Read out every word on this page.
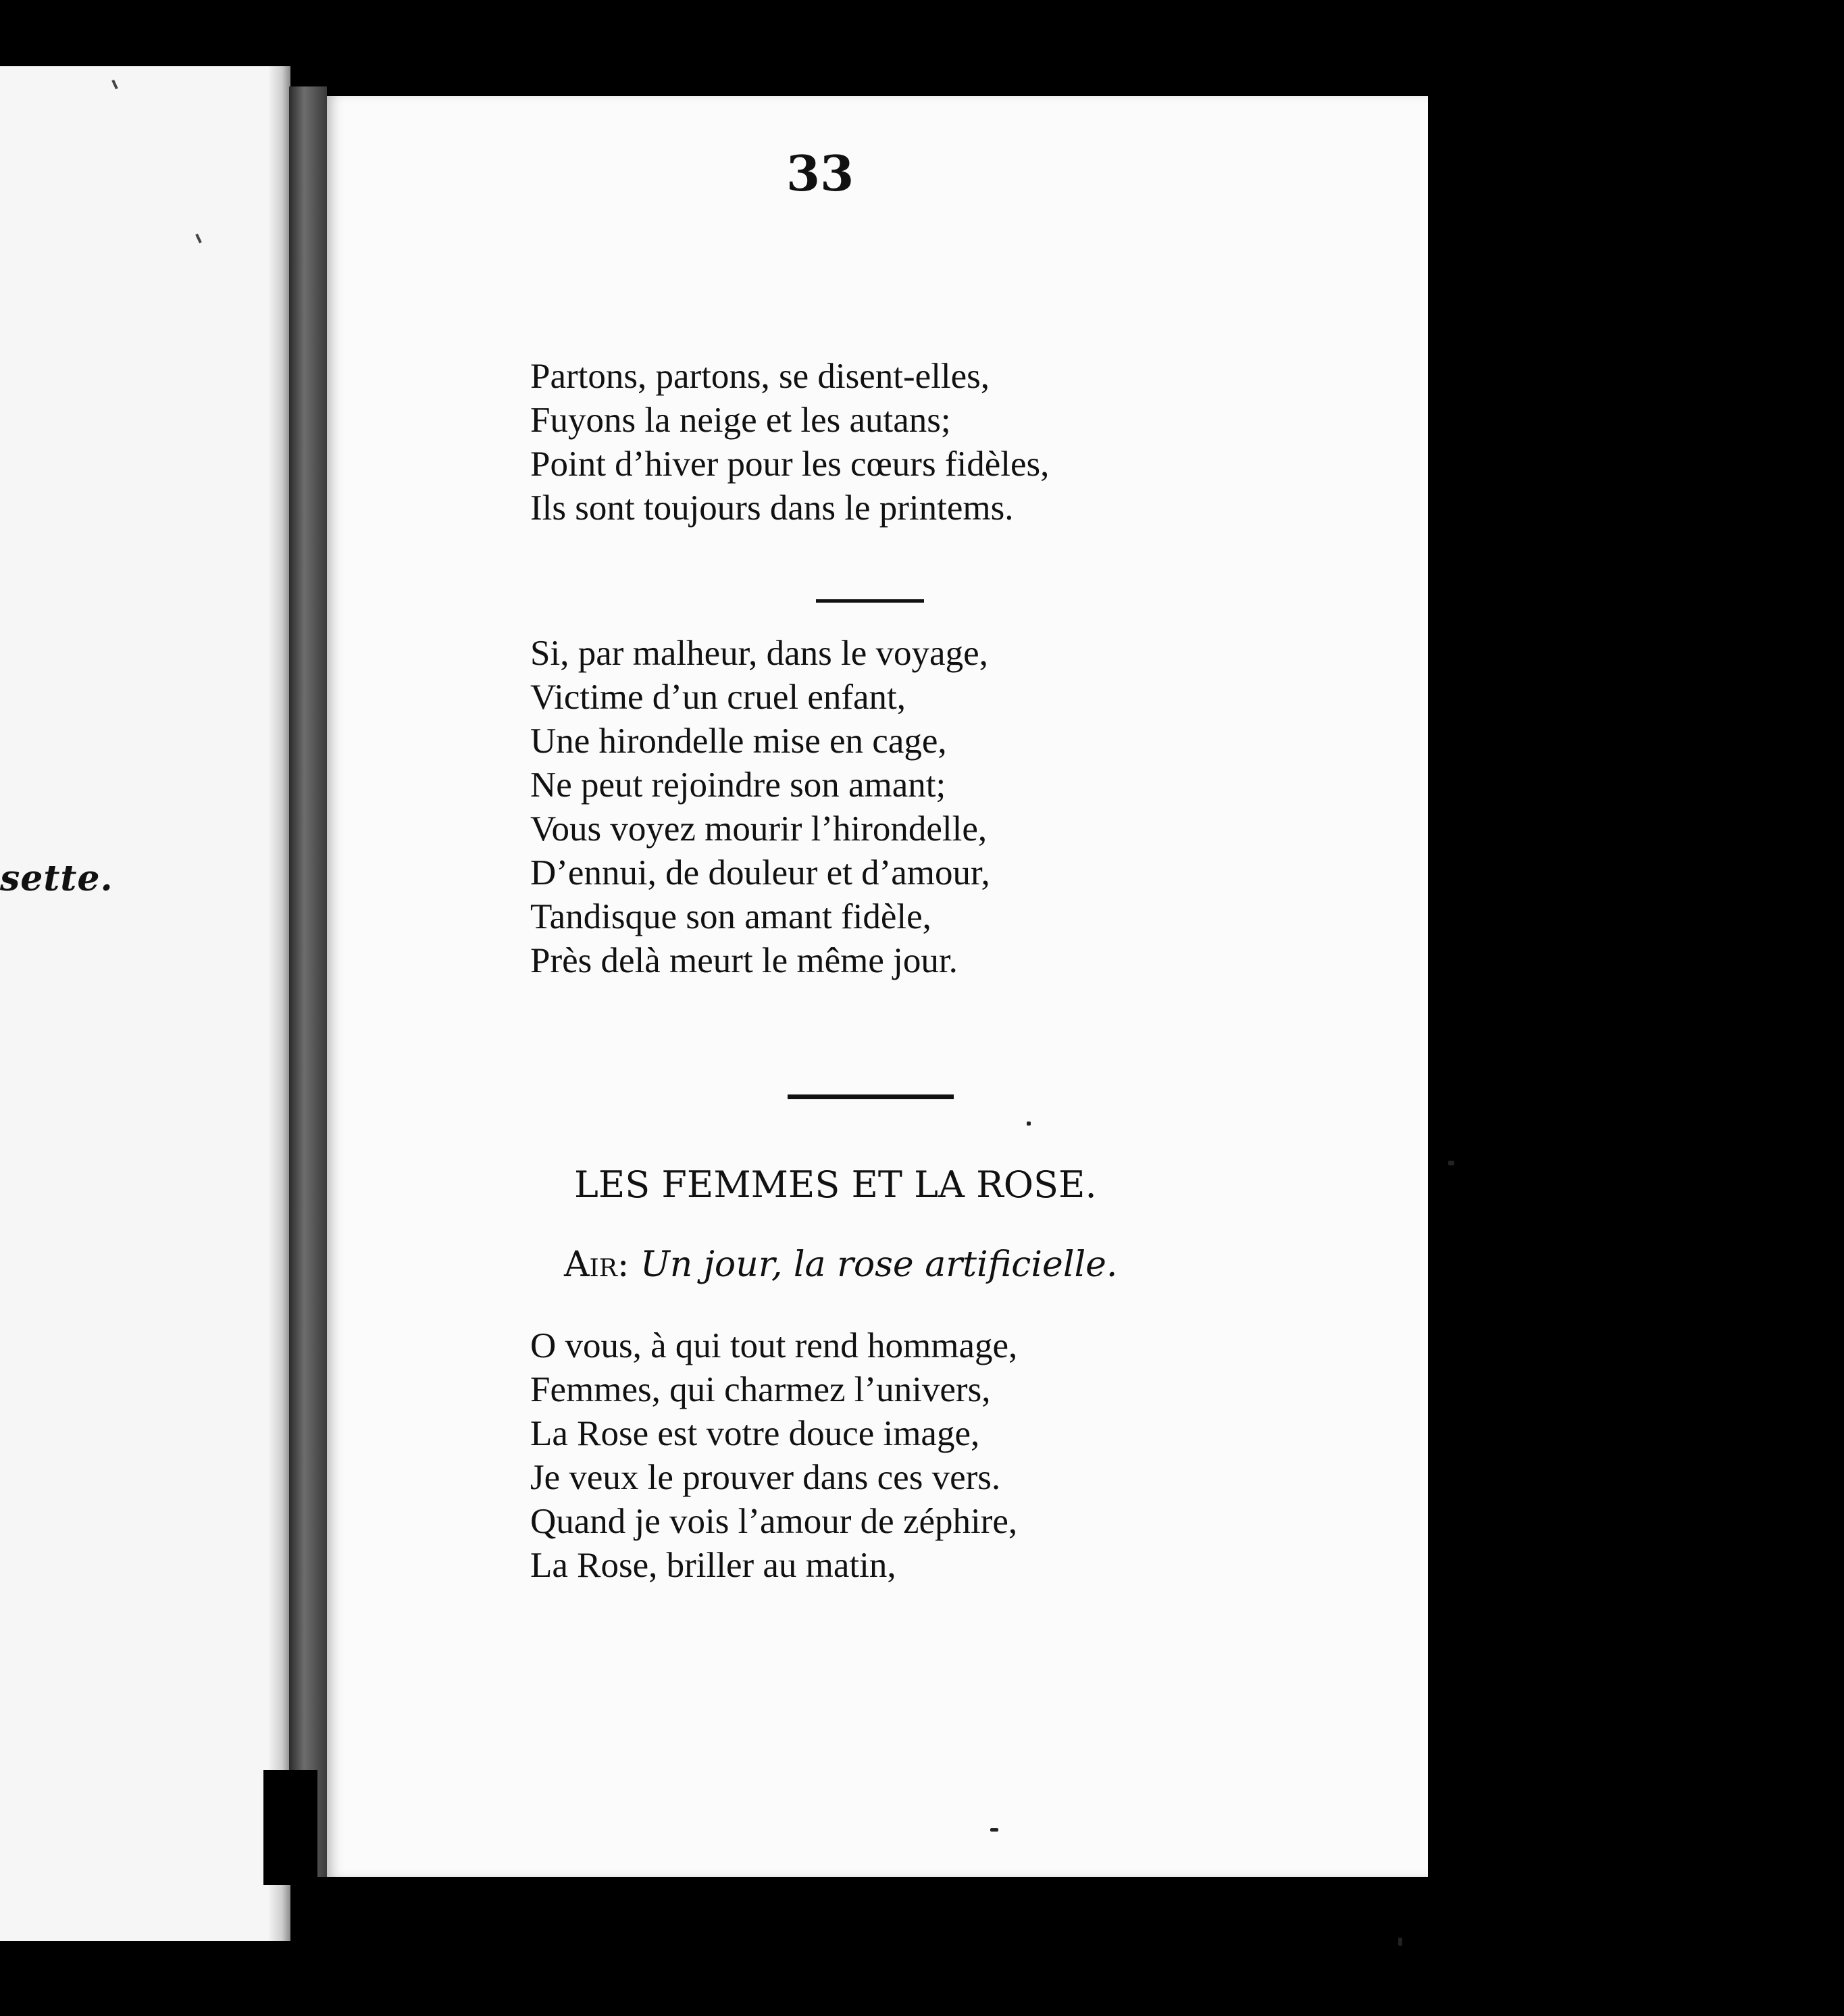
sette.
Partons, partons, se
33
Partons, partons, se disent-elles,
Fuyons la neige et les autans;
Point d’hiver pour les cœurs fidèles,
Ils sont toujours dans le printems.
Si, par malheur, dans le voyage,
Victime d’un cruel enfant,
Une hirondelle mise en cage,
Ne peut rejoindre son amant;
Vous voyez mourir l’hirondelle,
D’ennui, de douleur et d’amour,
Tandisque son amant fidèle,
Près delà meurt le même jour.
LES FEMMES ET LA ROSE.
Air: Un jour, la rose artificielle.
O vous, à qui tout rend hommage,
Femmes, qui charmez l’univers,
La Rose est votre douce image,
Je veux le prouver dans ces vers.
Quand je vois l’amour de zéphire,
La Rose, briller au matin,
